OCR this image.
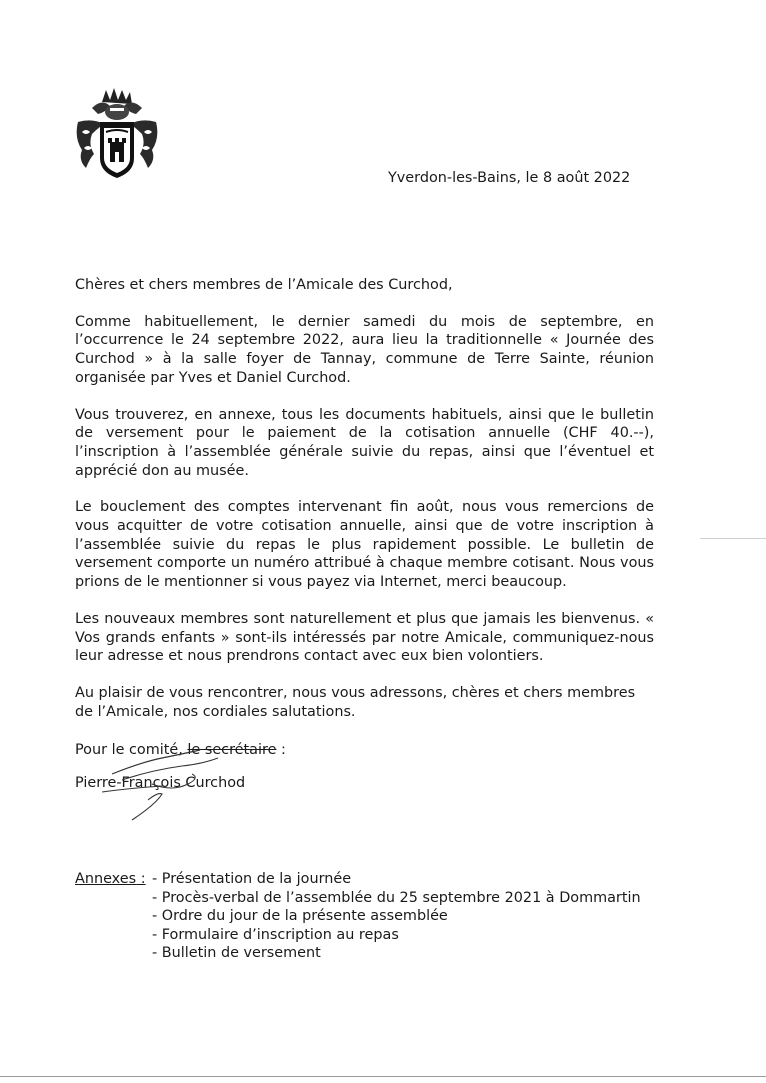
Yverdon-les-Bains, le 8 août 2022

Chères et chers membres de l’Amicale des Curchod,

Comme habituellement, le dernier samedi du mois de septembre, en l’occurrence le 24 septembre 2022, aura lieu la traditionnelle « Journée des Curchod » à la salle foyer de Tannay, commune de Terre Sainte, réunion organisée par Yves et Daniel Curchod.

Vous trouverez, en annexe, tous les documents habituels, ainsi que le bulletin de versement pour le paiement de la cotisation annuelle (CHF 40.--), l’inscription à l’assemblée générale suivie du repas, ainsi que l’éventuel et apprécié don au musée.

Le bouclement des comptes intervenant fin août, nous vous remercions de vous acquitter de votre cotisation annuelle, ainsi que de votre inscription à l’assemblée suivie du repas le plus rapidement possible. Le bulletin de versement comporte un numéro attribué à chaque membre cotisant. Nous vous prions de le mentionner si vous payez via Internet, merci beaucoup.

Les nouveaux membres sont naturellement et plus que jamais les bienvenus. « Vos grands enfants » sont-ils intéressés par notre Amicale, communiquez-nous leur adresse et nous prendrons contact avec eux bien volontiers.

Au plaisir de vous rencontrer, nous vous adressons, chères et chers membres de l’Amicale, nos cordiales salutations.

Pour le comité, le secrétaire :
Pierre-François Curchod
Annexes :
-	Présentation de la journée
- Procès-verbal de l’assemblée du 25 septembre 2021 à Dommartin
- Ordre du jour de la présente assemblée
- Formulaire d’inscription au repas
- Bulletin de versement
